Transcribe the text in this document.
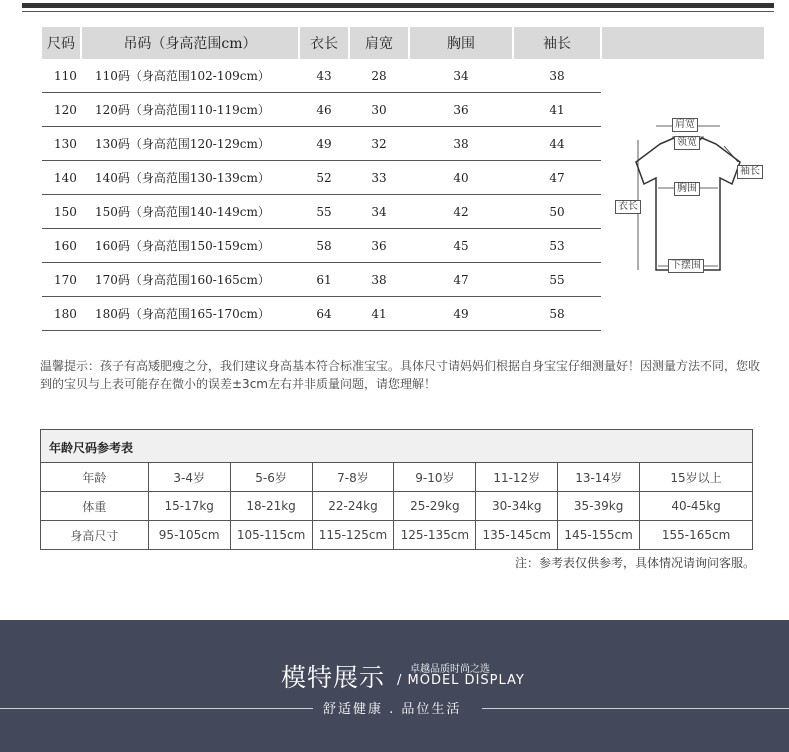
尺码	吊码（身高范围cm）	衣长	肩宽	胸围	袖长
110	110码（身高范围102-109cm）	43	28	34	38
120	120码（身高范围110-119cm）	46	30	36	41
130	130码（身高范围120-129cm）	49	32	38	44
140	140码（身高范围130-139cm）	52	33	40	47
150	150码（身高范围140-149cm）	55	34	42	50
160	160码（身高范围150-159cm）	58	36	45	53
170	170码（身高范围160-165cm）	61	38	47	55
180	180码（身高范围165-170cm）	64	41	49	58
肩宽
领宽
袖长
胸围
衣长
下摆围
温馨提示：孩子有高矮肥瘦之分，我们建议身高基本符合标准宝宝。具体尺寸请妈妈们根据自身宝宝仔细测量好！因测量方法不同，您收到的宝贝与上表可能存在微小的误差±3cm左右并非质量问题，请您理解！
年龄尺码参考表
年龄	3-4岁	5-6岁	7-8岁	9-10岁	11-12岁	13-14岁	15岁以上
体重	15-17kg	18-21kg	22-24kg	25-29kg	30-34kg	35-39kg	40-45kg
身高尺寸	95-105cm	105-115cm	115-125cm	125-135cm	135-145cm	145-155cm	155-165cm
注：参考表仅供参考，具体情况请询问客服。
模特展示 卓越品质时尚之选
/ MODEL DISPLAY
舒适健康 . 品位生活
